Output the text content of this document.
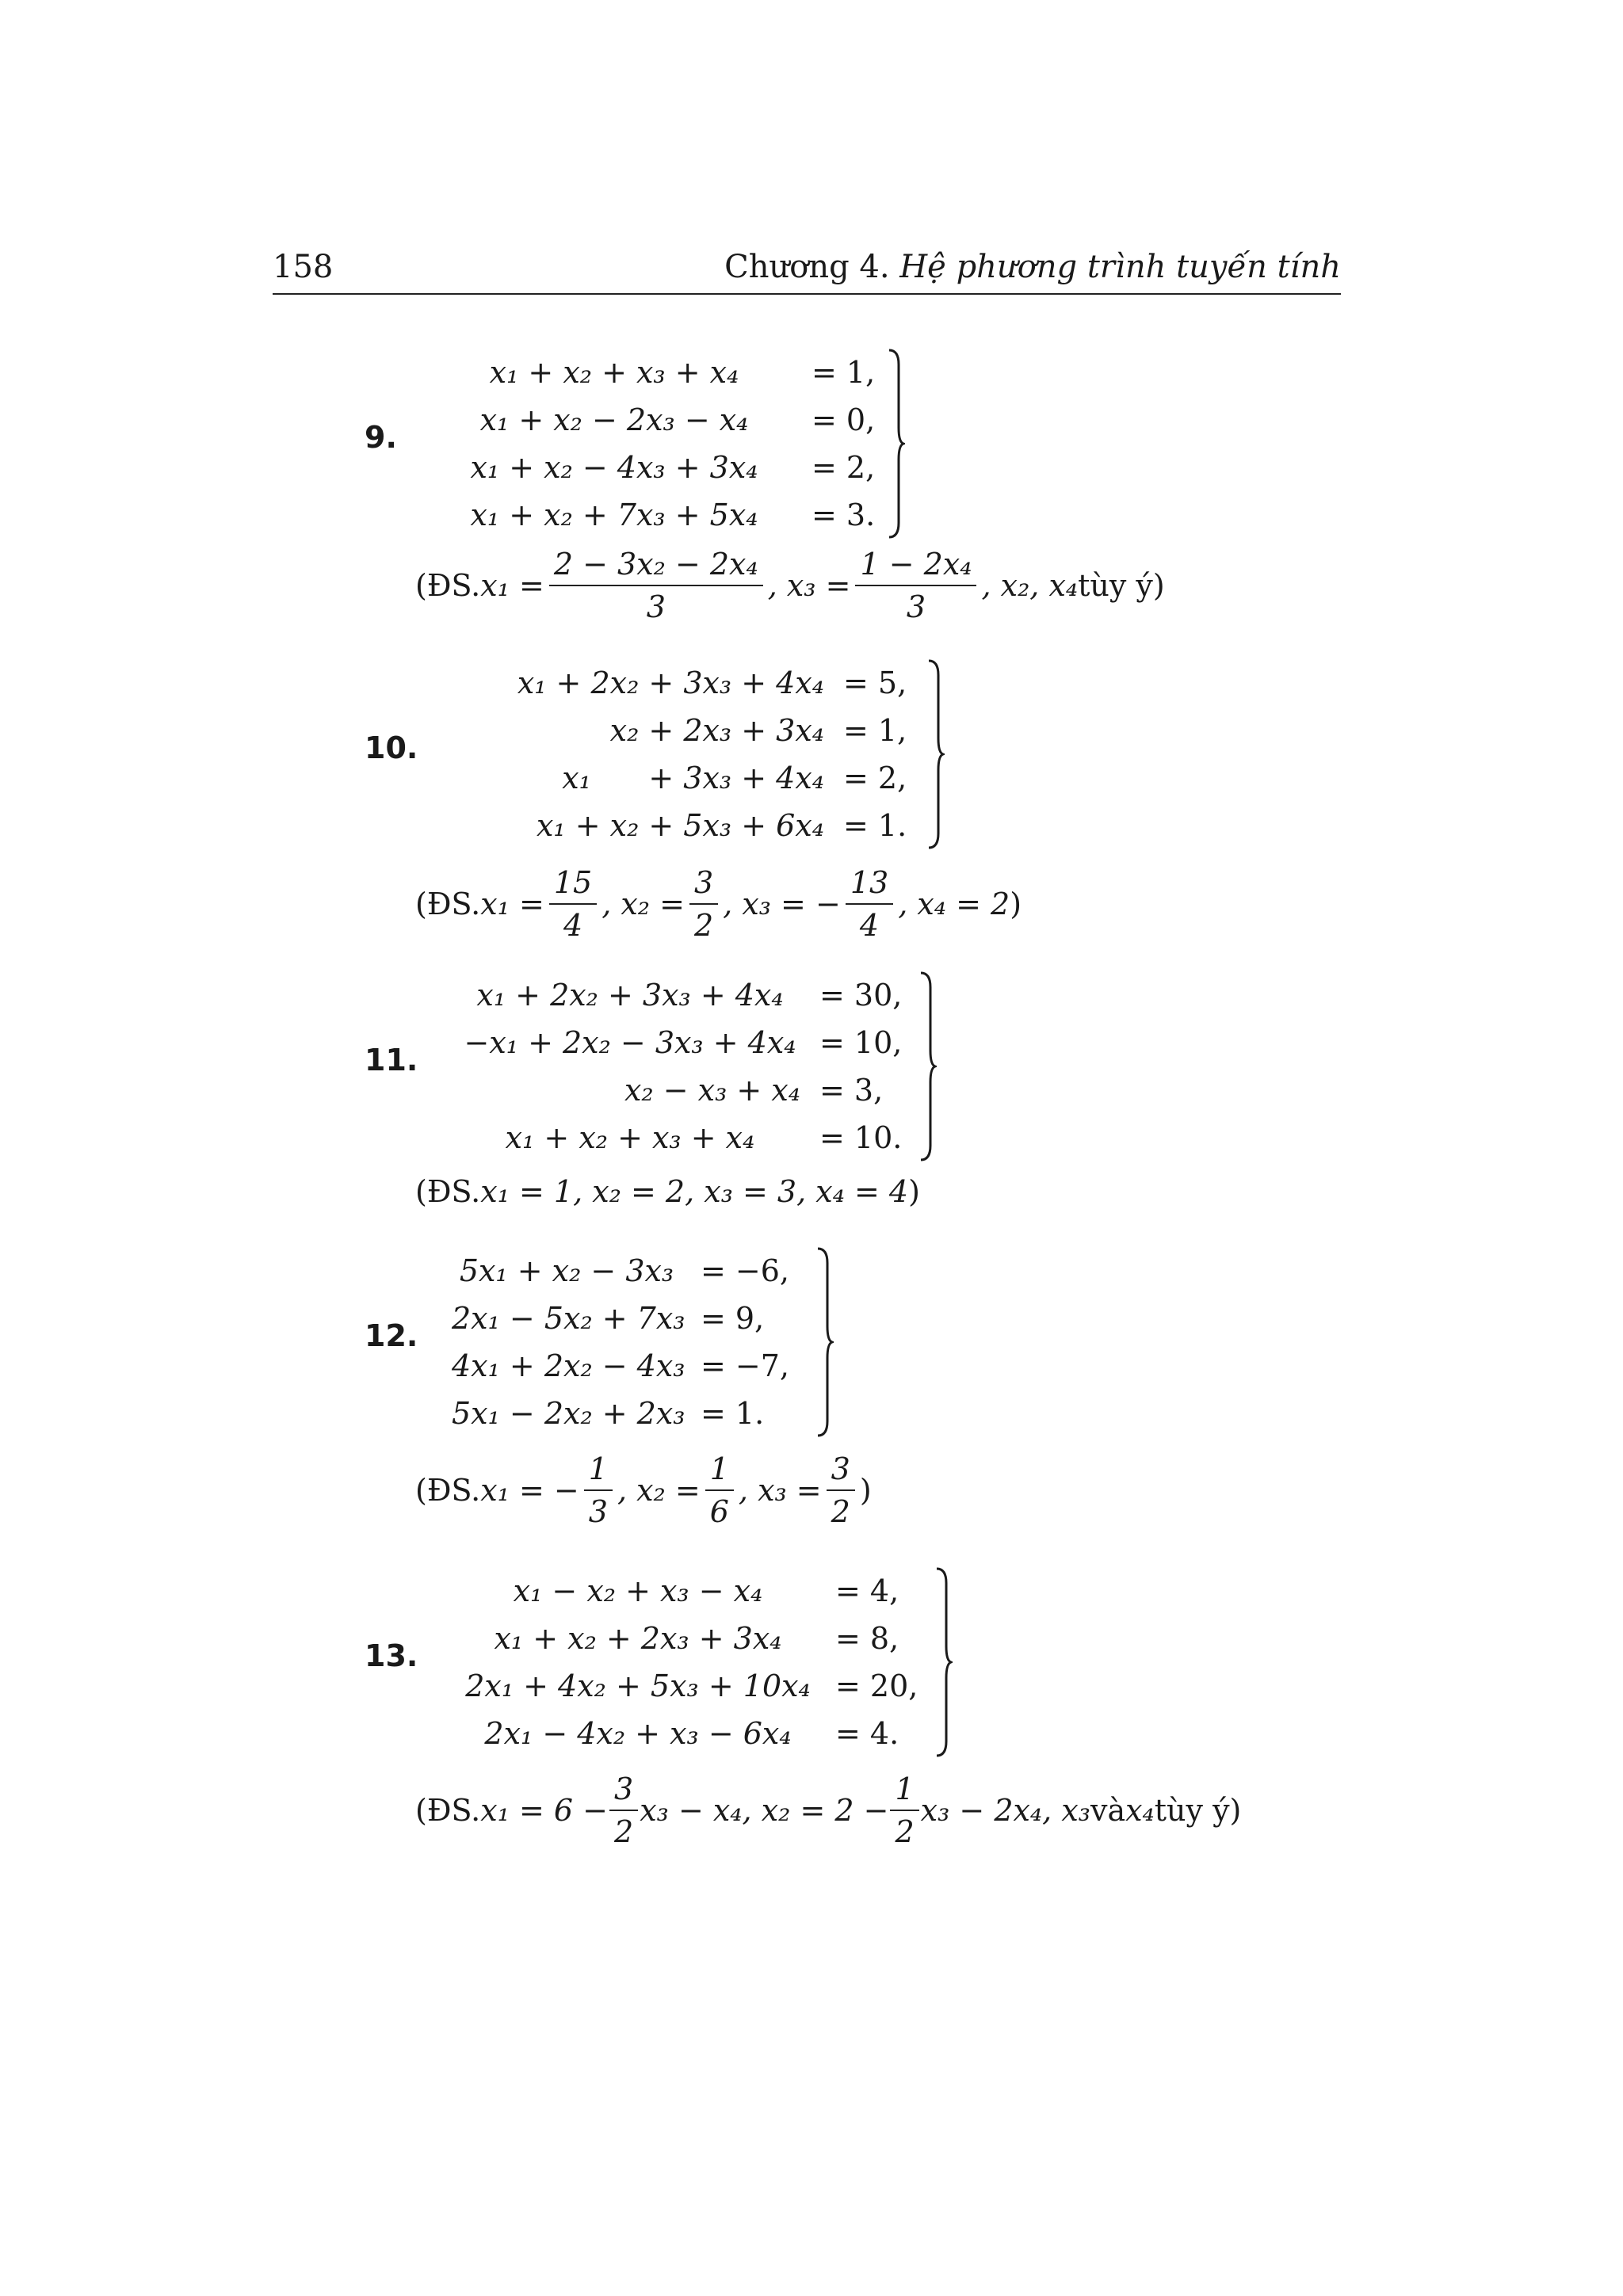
158	Chương 4. Hệ phương trình tuyến tính
9.
x₁ + x₂ + x₃ + x₄	= 1,
x₁ + x₂ − 2x₃ − x₄	= 0,
x₁ + x₂ − 4x₃ + 3x₄	= 2,
x₁ + x₂ + 7x₃ + 5x₄	= 3.
(ĐS. $x_1 = \frac{\text{2 − 3x₂ − 2x₄}}{3}$ , $x_3 = \frac{\text{1 − 2x₄}}{3}$ , x₂, x₄ tùy ý)
10.
x₁ + 2x₂ + 3x₃ + 4x₄ = 5,
x₂ + 2x₃ + 3x₄ = 1,
x₁      + 3x₃ + 4x₄ = 2,
x₁ + x₂ + 5x₃ + 6x₄ = 1.
(ĐS. $x_1 = \frac{15}{4}$ , $x_2 = \frac{3}{2}$ , x₃ = − $\frac{13}{4}$ , x₄ = 2 )
11.
x₁ + 2x₂ + 3x₃ + 4x₄	= 30,
−x₁ + 2x₂ − 3x₃ + 4x₄ = 10,
x₂ − x₃ + x₄ = 3,
x₁ + x₂ + x₃ + x₄	= 10.
(ĐS. x₁ = 1, x₂ = 2, x₃ = 3, x₄ = 4 )
12.
5x₁ + x₂ − 3x₃ = −6,
2x₁ − 5x₂ + 7x₃ = 9,
4x₁ + 2x₂ − 4x₃ = −7,
5x₁ − 2x₂ + 2x₃ = 1.
(ĐS. x₁ = − $\frac{1}{3}$ , $x_2 = \frac{1}{6}$ , $x_3 = \frac{3}{2}$ )
13.
x₁ − x₂ + x₃ − x₄	= 4,
x₁ + x₂ + 2x₃ + 3x₄	= 8,
2x₁ + 4x₂ + 5x₃ + 10x₄ = 20,
2x₁ − 4x₂ + x₃ − 6x₄	= 4.
(ĐS. $x_1 = 6 - \frac{3}{2} x_3 - x_4$, $x_2 = 2 - \frac{1}{2} x_3 - 2x_4$, x₃ và x₄ tùy ý)
